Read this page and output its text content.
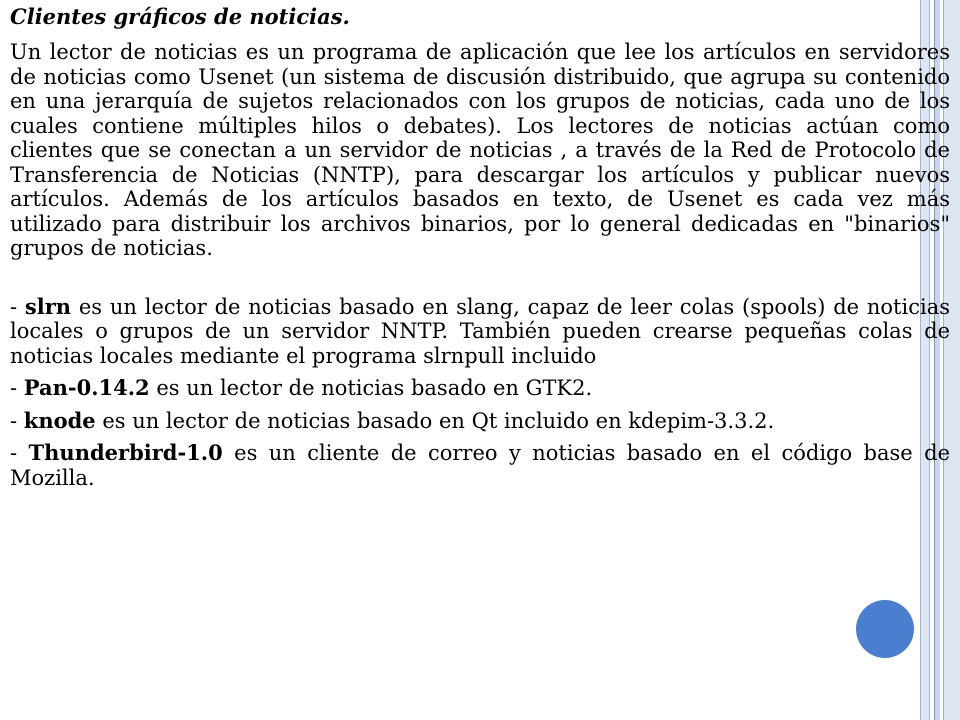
Clientes gráficos de noticias.

Un lector de noticias es un programa de aplicación que lee los artículos en servidores de noticias como Usenet (un sistema de discusión distribuido, que agrupa su contenido en una jerarquía de sujetos relacionados con los grupos de noticias, cada uno de los cuales contiene múltiples hilos o debates). Los lectores de noticias actúan como clientes que se conectan a un servidor de noticias , a través de la Red de Protocolo de Transferencia de Noticias (NNTP), para descargar los artículos y publicar nuevos artículos. Además de los artículos basados en texto, de Usenet es cada vez más utilizado para distribuir los archivos binarios, por lo general dedicadas en "binarios" grupos de noticias.

- slrn es un lector de noticias basado en slang, capaz de leer colas (spools) de noticias locales o grupos de un servidor NNTP. También pueden crearse pequeñas colas de noticias locales mediante el programa slrnpull incluido

- Pan-0.14.2 es un lector de noticias basado en GTK2.

- knode es un lector de noticias basado en Qt incluido en kdepim-3.3.2.

- Thunderbird-1.0 es un cliente de correo y noticias basado en el código base de Mozilla.
